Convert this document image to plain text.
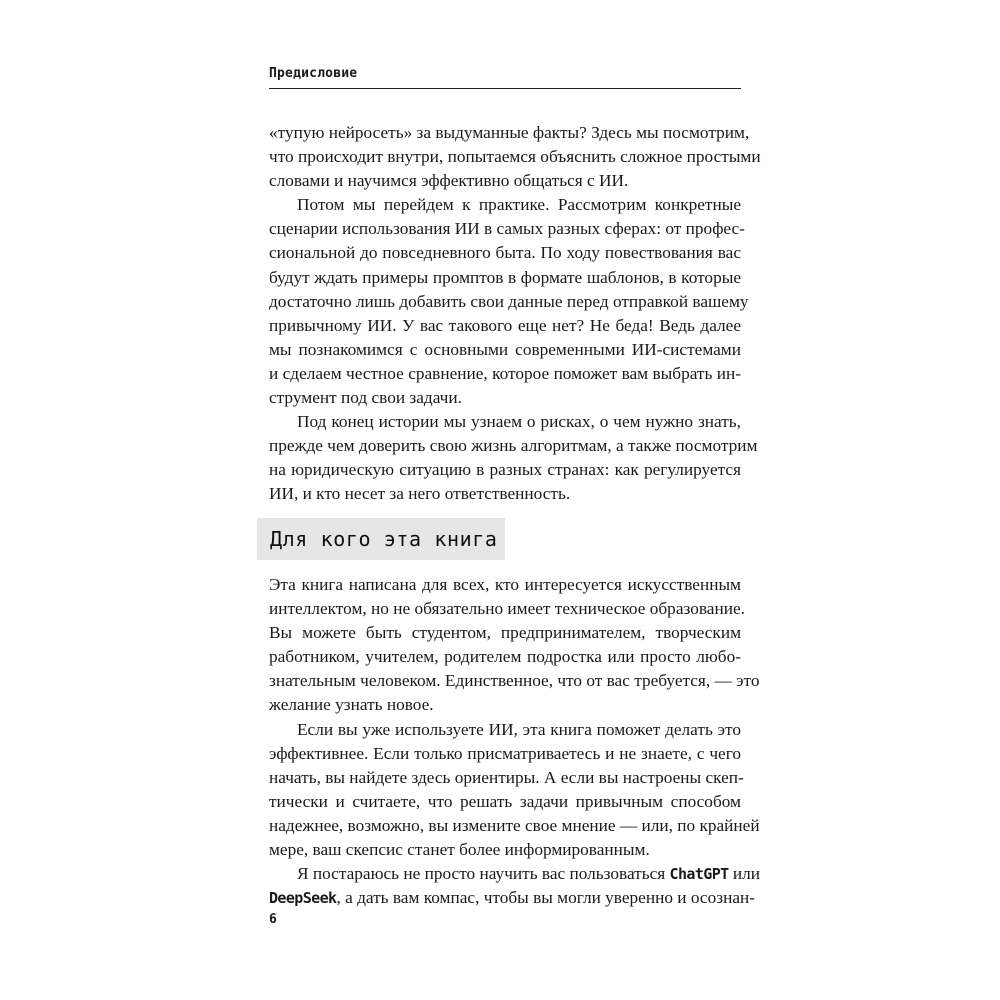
Предисловие
«тупую нейросеть» за выдуманные факты? Здесь мы посмотрим,
что происходит внутри, попытаемся объяснить сложное простыми
словами и научимся эффективно общаться с ИИ.
Потом мы перейдем к практике. Рассмотрим конкретные
сценарии использования ИИ в самых разных сферах: от профес-
сиональной до повседневного быта. По ходу повествования вас
будут ждать примеры промптов в формате шаблонов, в которые
достаточно лишь добавить свои данные перед отправкой вашему
привычному ИИ. У вас такового еще нет? Не беда! Ведь далее
мы познакомимся с основными современными ИИ-системами
и сделаем честное сравнение, которое поможет вам выбрать ин-
струмент под свои задачи.
Под конец истории мы узнаем о рисках, о чем нужно знать,
прежде чем доверить свою жизнь алгоритмам, а также посмотрим
на юридическую ситуацию в разных странах: как регулируется
ИИ, и кто несет за него ответственность.
Для кого эта книга
Эта книга написана для всех, кто интересуется искусственным
интеллектом, но не обязательно имеет техническое образование.
Вы можете быть студентом, предпринимателем, творческим
работником, учителем, родителем подростка или просто любо-
знательным человеком. Единственное, что от вас требуется, — это
желание узнать новое.
Если вы уже используете ИИ, эта книга поможет делать это
эффективнее. Если только присматриваетесь и не знаете, с чего
начать, вы найдете здесь ориентиры. А если вы настроены скеп-
тически и считаете, что решать задачи привычным способом
надежнее, возможно, вы измените свое мнение — или, по крайней
мере, ваш скепсис станет более информированным.
Я постараюсь не просто научить вас пользоваться ChatGPT или
DeepSeek, а дать вам компас, чтобы вы могли уверенно и осознан-
6
